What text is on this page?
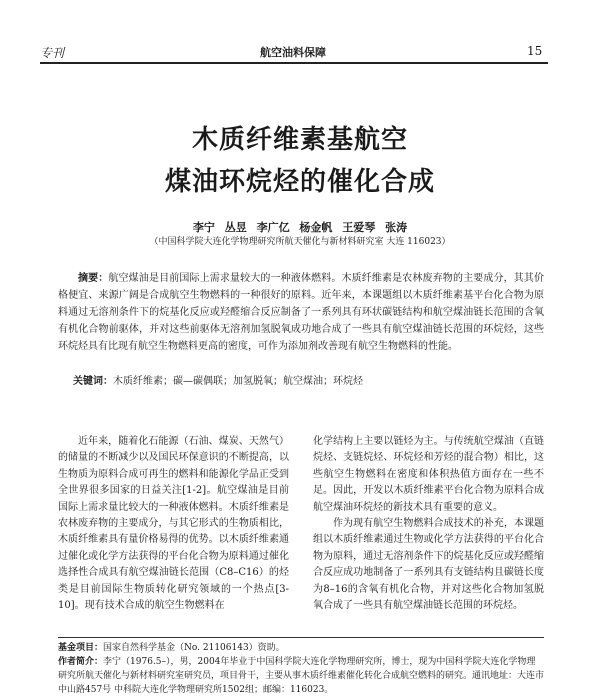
专刊	航空油料保障	15
木质纤维素基航空
煤油环烷烃的催化合成
李宁 丛昱 李广亿 杨金帆 王爱琴 张涛
（中国科学院大连化学物理研究所航天催化与新材料研究室 大连 116023）
摘要：航空煤油是目前国际上需求量较大的一种液体燃料。木质纤维素是农林废弃物的主要成分，其其价格便宜、来源广阔是合成航空生物燃料的一种很好的原料。近年来，本课题组以木质纤维素基平台化合物为原料通过无溶剂条件下的烷基化反应或羟醛缩合反应制备了一系列具有环状碳链结构和航空煤油链长范围的含氧有机化合物前驱体，并对这些前驱体无溶剂加氢脱氧成功地合成了一些具有航空煤油链长范围的环烷烃，这些环烷烃具有比现有航空生物燃料更高的密度，可作为添加剂改善现有航空生物燃料的性能。
关键词：木质纤维素；碳—碳偶联；加氢脱氧；航空煤油；环烷烃
近年来，随着化石能源（石油、煤炭、天然气）的储量的不断减少以及国民环保意识的不断提高，以生物质为原料合成可再生的燃料和能源化学品正受到全世界很多国家的日益关注[1-2]。航空煤油是目前国际上需求量比较大的一种液体燃料。木质纤维素是农林废弃物的主要成分，与其它形式的生物质相比，木质纤维素具有量价格易得的优势。以木质纤维素通过催化或化学方法获得的平台化合物为原料通过催化选择性合成具有航空煤油链长范围（C8–C16）的烃类是目前国际生物质转化研究领域的一个热点[3-10]。现有技术合成的航空生物燃料在

化学结构上主要以链烃为主。与传统航空煤油（直链烷烃、支链烷烃、环烷烃和芳烃的混合物）相比，这些航空生物燃料在密度和体积热值方面存在一些不足。因此，开发以木质纤维素平台化合物为原料合成航空煤油环烷烃的新技术具有重要的意义。

作为现有航空生物燃料合成技术的补充，本课题组以木质纤维素通过生物或化学方法获得的平台化合物为原料，通过无溶剂条件下的烷基化反应或羟醛缩合反应成功地制备了一系列具有支链结构且碳链长度为8–16的含氧有机化合物，并对这些化合物加氢脱氧合成了一些具有航空煤油链长范围的环烷烃。

基金项目：国家自然科学基金（No. 21106143）资助。
作者简介：李宁（1976.5–），男，2004年毕业于中国科学院大连化学物理研究所，博士，现为中国科学院大连化学物理研究所航天催化与新材料研究室研究员，项目骨干，主要从事木质纤维素催化转化合成航空燃料的研究。通讯地址：大连市中山路457号 中科院大连化学物理研究所1502组；邮编：116023。
